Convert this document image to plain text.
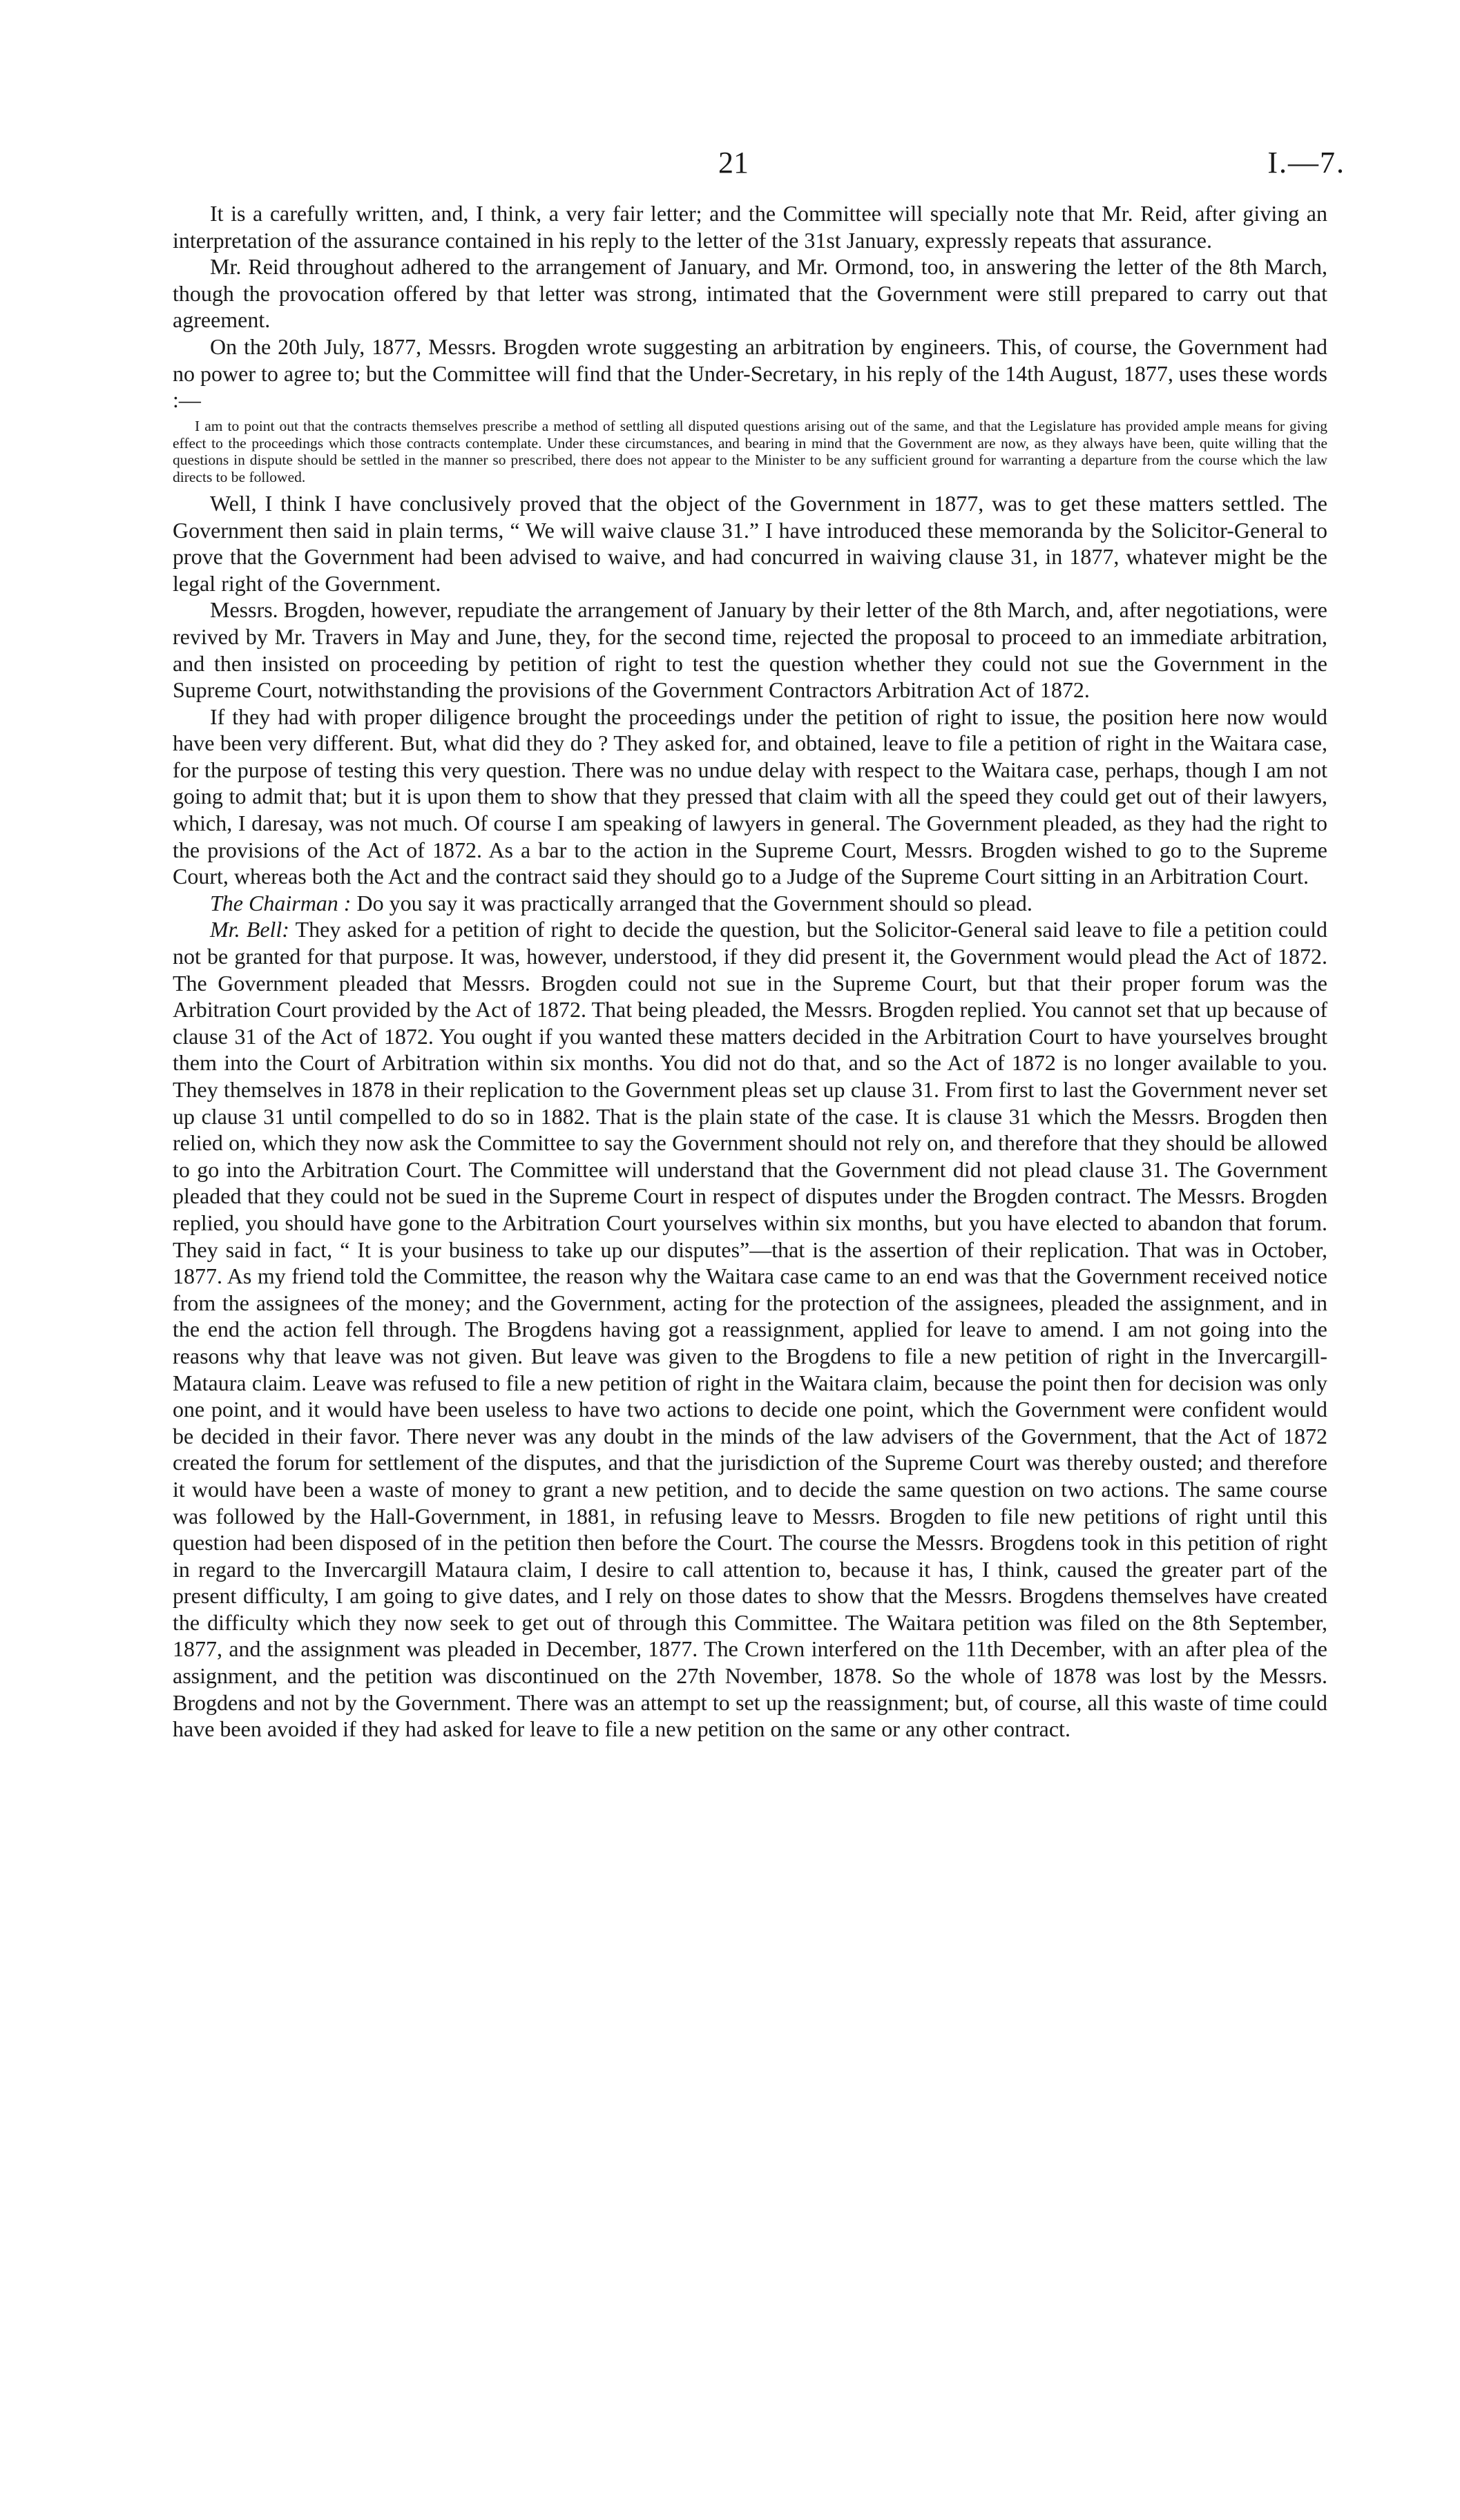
21	I.—7.

It is a carefully written, and, I think, a very fair letter; and the Committee will specially note that Mr. Reid, after giving an interpretation of the assurance contained in his reply to the letter of the 31st January, expressly repeats that assurance.

Mr. Reid throughout adhered to the arrangement of January, and Mr. Ormond, too, in answering the letter of the 8th March, though the provocation offered by that letter was strong, intimated that the Government were still prepared to carry out that agreement.

On the 20th July, 1877, Messrs. Brogden wrote suggesting an arbitration by engineers. This, of course, the Government had no power to agree to; but the Committee will find that the Under-Secretary, in his reply of the 14th August, 1877, uses these words :—

I am to point out that the contracts themselves prescribe a method of settling all disputed questions arising out of the same, and that the Legislature has provided ample means for giving effect to the proceedings which those contracts contemplate. Under these circumstances, and bearing in mind that the Government are now, as they always have been, quite willing that the questions in dispute should be settled in the manner so prescribed, there does not appear to the Minister to be any sufficient ground for warranting a departure from the course which the law directs to be followed.

Well, I think I have conclusively proved that the object of the Government in 1877, was to get these matters settled. The Government then said in plain terms, “ We will waive clause 31.” I have introduced these memoranda by the Solicitor-General to prove that the Government had been advised to waive, and had concurred in waiving clause 31, in 1877, whatever might be the legal right of the Government.

Messrs. Brogden, however, repudiate the arrangement of January by their letter of the 8th March, and, after negotiations, were revived by Mr. Travers in May and June, they, for the second time, rejected the proposal to proceed to an immediate arbitration, and then insisted on proceeding by petition of right to test the question whether they could not sue the Government in the Supreme Court, notwithstanding the provisions of the Government Contractors Arbitration Act of 1872.

If they had with proper diligence brought the proceedings under the petition of right to issue, the position here now would have been very different. But, what did they do ? They asked for, and obtained, leave to file a petition of right in the Waitara case, for the purpose of testing this very question. There was no undue delay with respect to the Waitara case, perhaps, though I am not going to admit that; but it is upon them to show that they pressed that claim with all the speed they could get out of their lawyers, which, I daresay, was not much. Of course I am speaking of lawyers in general. The Government pleaded, as they had the right to the provisions of the Act of 1872. As a bar to the action in the Supreme Court, Messrs. Brogden wished to go to the Supreme Court, whereas both the Act and the contract said they should go to a Judge of the Supreme Court sitting in an Arbitration Court.

The Chairman : Do you say it was practically arranged that the Government should so plead.

Mr. Bell: They asked for a petition of right to decide the question, but the Solicitor-General said leave to file a petition could not be granted for that purpose. It was, however, understood, if they did present it, the Government would plead the Act of 1872. The Government pleaded that Messrs. Brogden could not sue in the Supreme Court, but that their proper forum was the Arbitration Court provided by the Act of 1872. That being pleaded, the Messrs. Brogden replied. You cannot set that up because of clause 31 of the Act of 1872. You ought if you wanted these matters decided in the Arbitration Court to have yourselves brought them into the Court of Arbitration within six months. You did not do that, and so the Act of 1872 is no longer available to you. They themselves in 1878 in their replication to the Government pleas set up clause 31. From first to last the Government never set up clause 31 until compelled to do so in 1882. That is the plain state of the case. It is clause 31 which the Messrs. Brogden then relied on, which they now ask the Committee to say the Government should not rely on, and therefore that they should be allowed to go into the Arbitration Court. The Committee will understand that the Government did not plead clause 31. The Government pleaded that they could not be sued in the Supreme Court in respect of disputes under the Brogden contract. The Messrs. Brogden replied, you should have gone to the Arbitration Court yourselves within six months, but you have elected to abandon that forum. They said in fact, “ It is your business to take up our disputes”—that is the assertion of their replication. That was in October, 1877. As my friend told the Committee, the reason why the Waitara case came to an end was that the Government received notice from the assignees of the money; and the Government, acting for the protection of the assignees, pleaded the assignment, and in the end the action fell through. The Brogdens having got a reassignment, applied for leave to amend. I am not going into the reasons why that leave was not given. But leave was given to the Brogdens to file a new petition of right in the Invercargill-Mataura claim. Leave was refused to file a new petition of right in the Waitara claim, because the point then for decision was only one point, and it would have been useless to have two actions to decide one point, which the Government were confident would be decided in their favor. There never was any doubt in the minds of the law advisers of the Government, that the Act of 1872 created the forum for settlement of the disputes, and that the jurisdiction of the Supreme Court was thereby ousted; and therefore it would have been a waste of money to grant a new petition, and to decide the same question on two actions. The same course was followed by the Hall-Government, in 1881, in refusing leave to Messrs. Brogden to file new petitions of right until this question had been disposed of in the petition then before the Court. The course the Messrs. Brogdens took in this petition of right in regard to the Invercargill Mataura claim, I desire to call attention to, because it has, I think, caused the greater part of the present difficulty, I am going to give dates, and I rely on those dates to show that the Messrs. Brogdens themselves have created the difficulty which they now seek to get out of through this Committee. The Waitara petition was filed on the 8th September, 1877, and the assignment was pleaded in December, 1877. The Crown interfered on the 11th December, with an after plea of the assignment, and the petition was discontinued on the 27th November, 1878. So the whole of 1878 was lost by the Messrs. Brogdens and not by the Government. There was an attempt to set up the reassignment; but, of course, all this waste of time could have been avoided if they had asked for leave to file a new petition on the same or any other contract.
